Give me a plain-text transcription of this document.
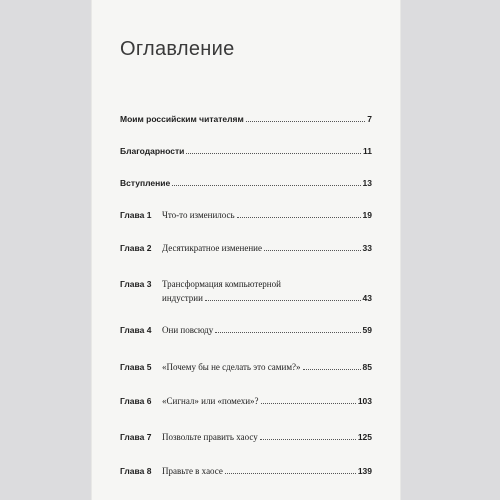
Оглавление
Моим российским читателям	7
Благодарности	11
Вступление	13
Глава 1	Что-то изменилось	19
Глава 2	Десятикратное изменение	33
Глава 3	Трансформация компьютерной
индустрии	43
Глава 4	Они повсюду	59
Глава 5	«Почему бы не сделать это самим?»	85
Глава 6	«Сигнал» или «помехи»?	103
Глава 7	Позвольте править хаосу	125
Глава 8	Правьте в хаосе	139
